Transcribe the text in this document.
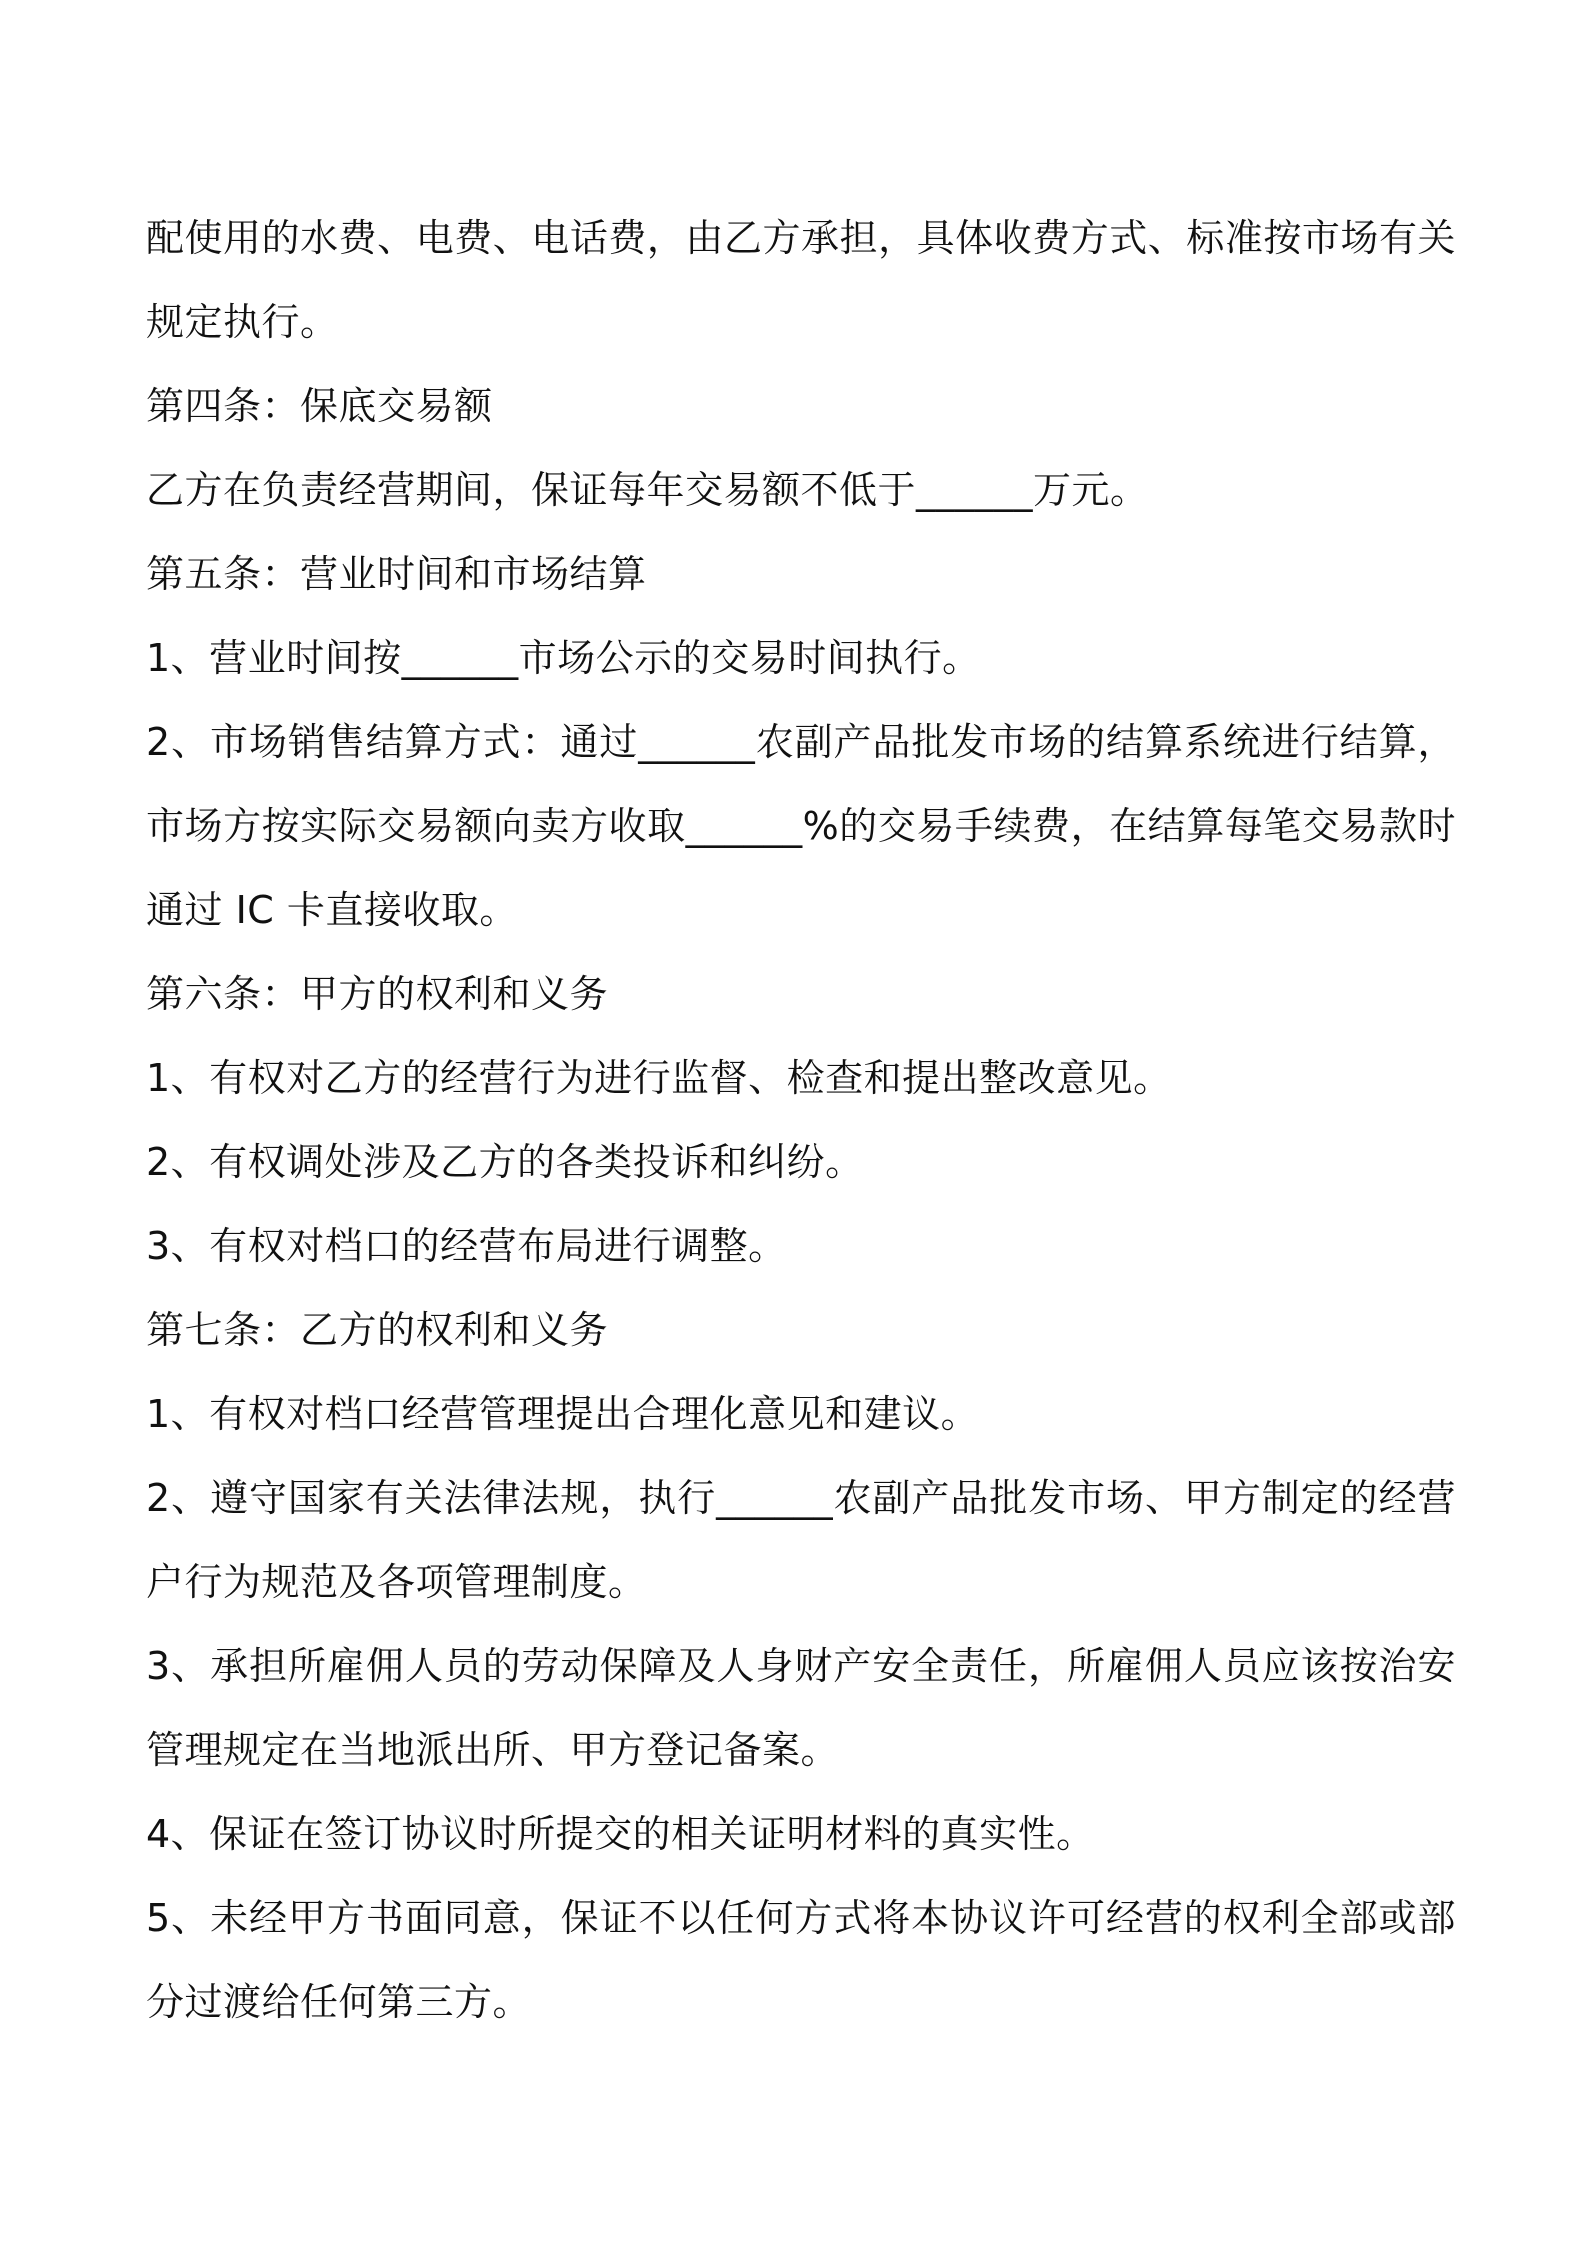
配使用的水费、电费、电话费，由乙方承担，具体收费方式、标准按市场有关规定执行。

第四条：保底交易额

乙方在负责经营期间，保证每年交易额不低于______万元。

第五条：营业时间和市场结算

1、营业时间按______市场公示的交易时间执行。

2、市场销售结算方式：通过______农副产品批发市场的结算系统进行结算，市场方按实际交易额向卖方收取______%的交易手续费，在结算每笔交易款时通过 IC 卡直接收取。

第六条：甲方的权利和义务

1、有权对乙方的经营行为进行监督、检查和提出整改意见。

2、有权调处涉及乙方的各类投诉和纠纷。

3、有权对档口的经营布局进行调整。

第七条：乙方的权利和义务

1、有权对档口经营管理提出合理化意见和建议。

2、遵守国家有关法律法规，执行______农副产品批发市场、甲方制定的经营户行为规范及各项管理制度。

3、承担所雇佣人员的劳动保障及人身财产安全责任，所雇佣人员应该按治安管理规定在当地派出所、甲方登记备案。

4、保证在签订协议时所提交的相关证明材料的真实性。

5、未经甲方书面同意，保证不以任何方式将本协议许可经营的权利全部或部分过渡给任何第三方。
